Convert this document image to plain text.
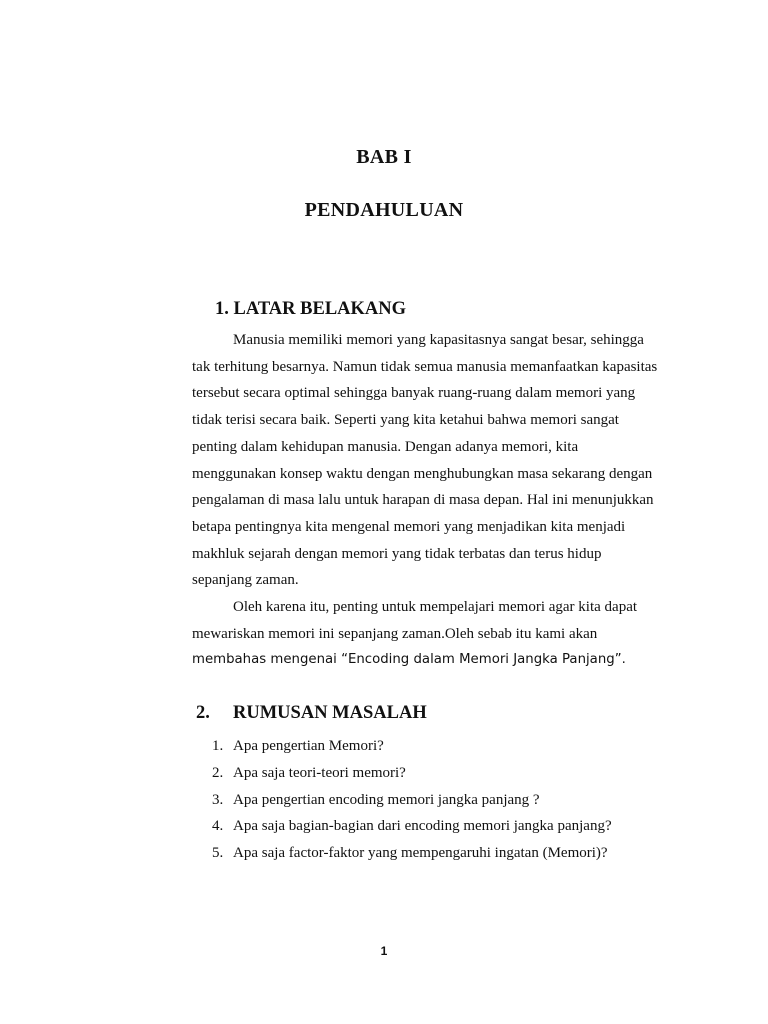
BAB I
PENDAHULUAN
1. LATAR BELAKANG
Manusia memiliki memori yang kapasitasnya sangat besar, sehingga
tak terhitung besarnya. Namun tidak semua manusia memanfaatkan kapasitas
tersebut secara optimal sehingga banyak ruang-ruang dalam memori yang
tidak terisi secara baik. Seperti yang kita ketahui bahwa memori sangat
penting dalam kehidupan manusia. Dengan adanya memori, kita
menggunakan konsep waktu dengan menghubungkan masa sekarang dengan
pengalaman di masa lalu untuk harapan di masa depan. Hal ini menunjukkan
betapa pentingnya kita mengenal memori yang menjadikan kita menjadi
makhluk sejarah dengan memori yang tidak terbatas dan terus hidup
sepanjang zaman.
Oleh karena itu, penting untuk mempelajari memori agar kita dapat
mewariskan memori ini sepanjang zaman.Oleh sebab itu kami akan
membahas mengenai “Encoding dalam Memori Jangka Panjang”.
2. RUMUSAN MASALAH
1. Apa pengertian Memori?
2. Apa saja teori-teori memori?
3. Apa pengertian encoding memori jangka panjang ?
4. Apa saja bagian-bagian dari encoding memori jangka panjang?
5. Apa saja factor-faktor yang mempengaruhi ingatan (Memori)?
1
